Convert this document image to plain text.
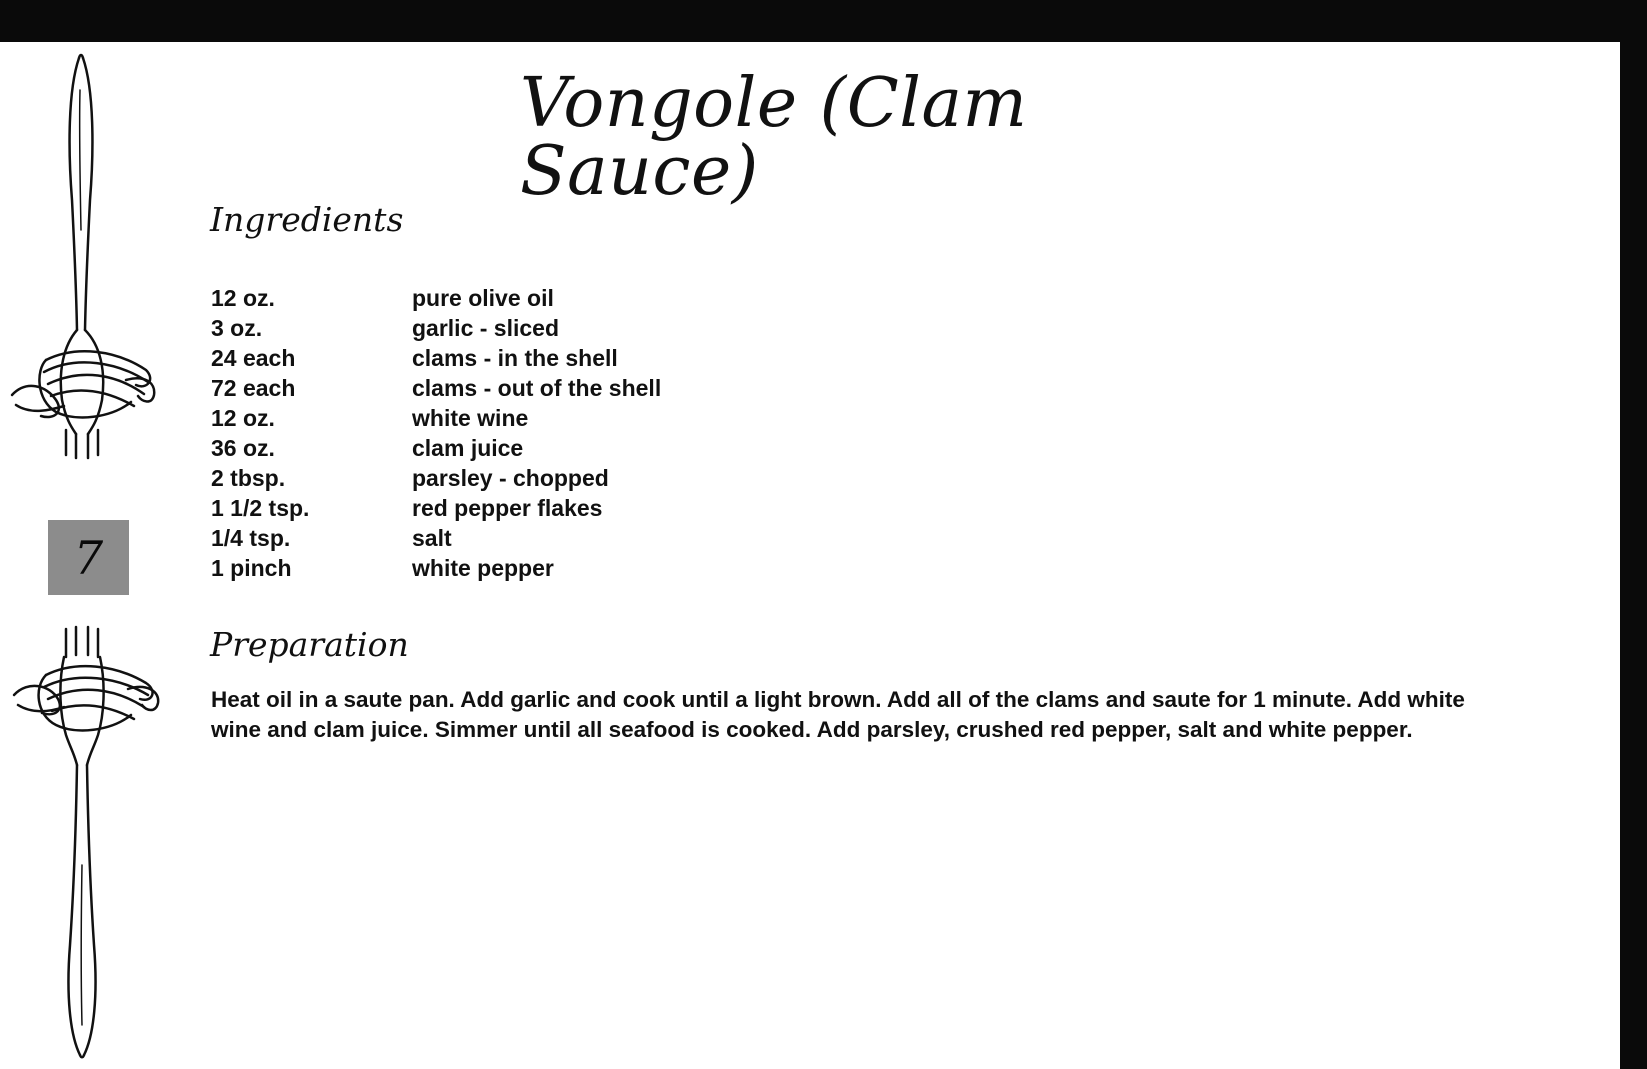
7
Vongole (Clam Sauce)
Ingredients
12 oz.	pure olive oil
3 oz.	garlic - sliced
24 each	clams - in the shell
72 each	clams - out of the shell
12 oz.	white wine
36 oz.	clam juice
2 tbsp.	parsley - chopped
1 1/2 tsp.	red pepper flakes
1/4 tsp.	salt
1 pinch	white pepper
Preparation

Heat oil in a saute pan. Add garlic and cook until a light brown. Add all of the clams and saute for 1 minute. Add white wine and clam juice. Simmer until all seafood is cooked. Add parsley, crushed red pepper, salt and white pepper.
